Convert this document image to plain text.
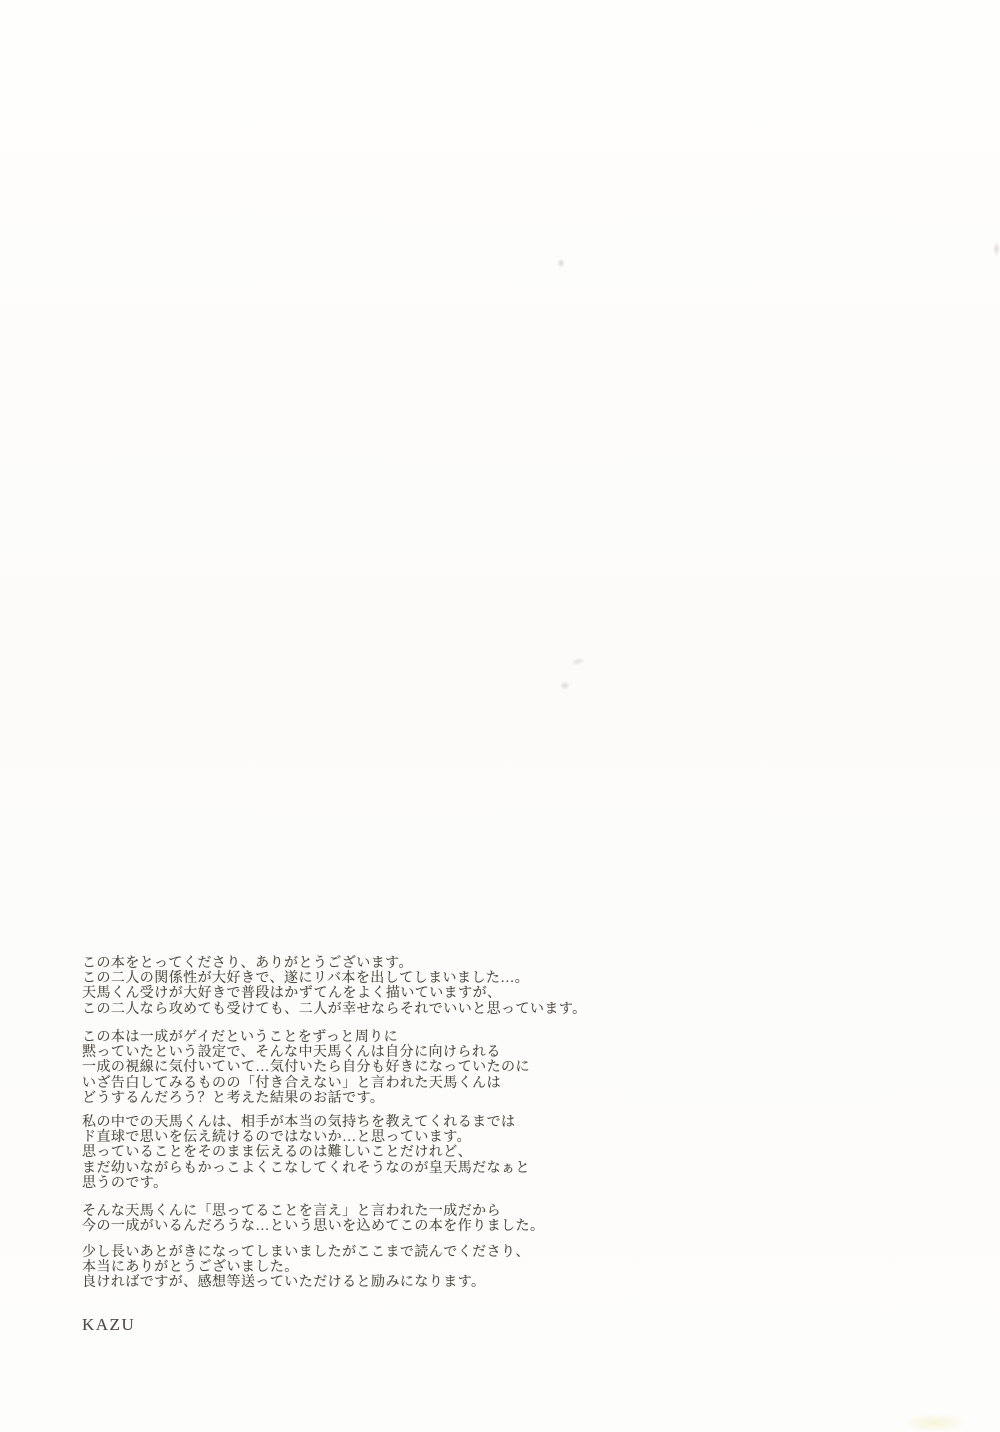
この本をとってくださり、ありがとうございます。
この二人の関係性が大好きで、遂にリバ本を出してしまいました…。
天馬くん受けが大好きで普段はかずてんをよく描いていますが、
この二人なら攻めても受けても、二人が幸せならそれでいいと思っています。
この本は一成がゲイだということをずっと周りに
黙っていたという設定で、そんな中天馬くんは自分に向けられる
一成の視線に気付いていて…気付いたら自分も好きになっていたのに
いざ告白してみるものの「付き合えない」と言われた天馬くんは
どうするんだろう？と考えた結果のお話です。
私の中での天馬くんは、相手が本当の気持ちを教えてくれるまでは
ド直球で思いを伝え続けるのではないか…と思っています。
思っていることをそのまま伝えるのは難しいことだけれど、
まだ幼いながらもかっこよくこなしてくれそうなのが皇天馬だなぁと
思うのです。
そんな天馬くんに「思ってることを言え」と言われた一成だから
今の一成がいるんだろうな…という思いを込めてこの本を作りました。
少し長いあとがきになってしまいましたがここまで読んでくださり、
本当にありがとうございました。
良ければですが、感想等送っていただけると励みになります。
KAZU
